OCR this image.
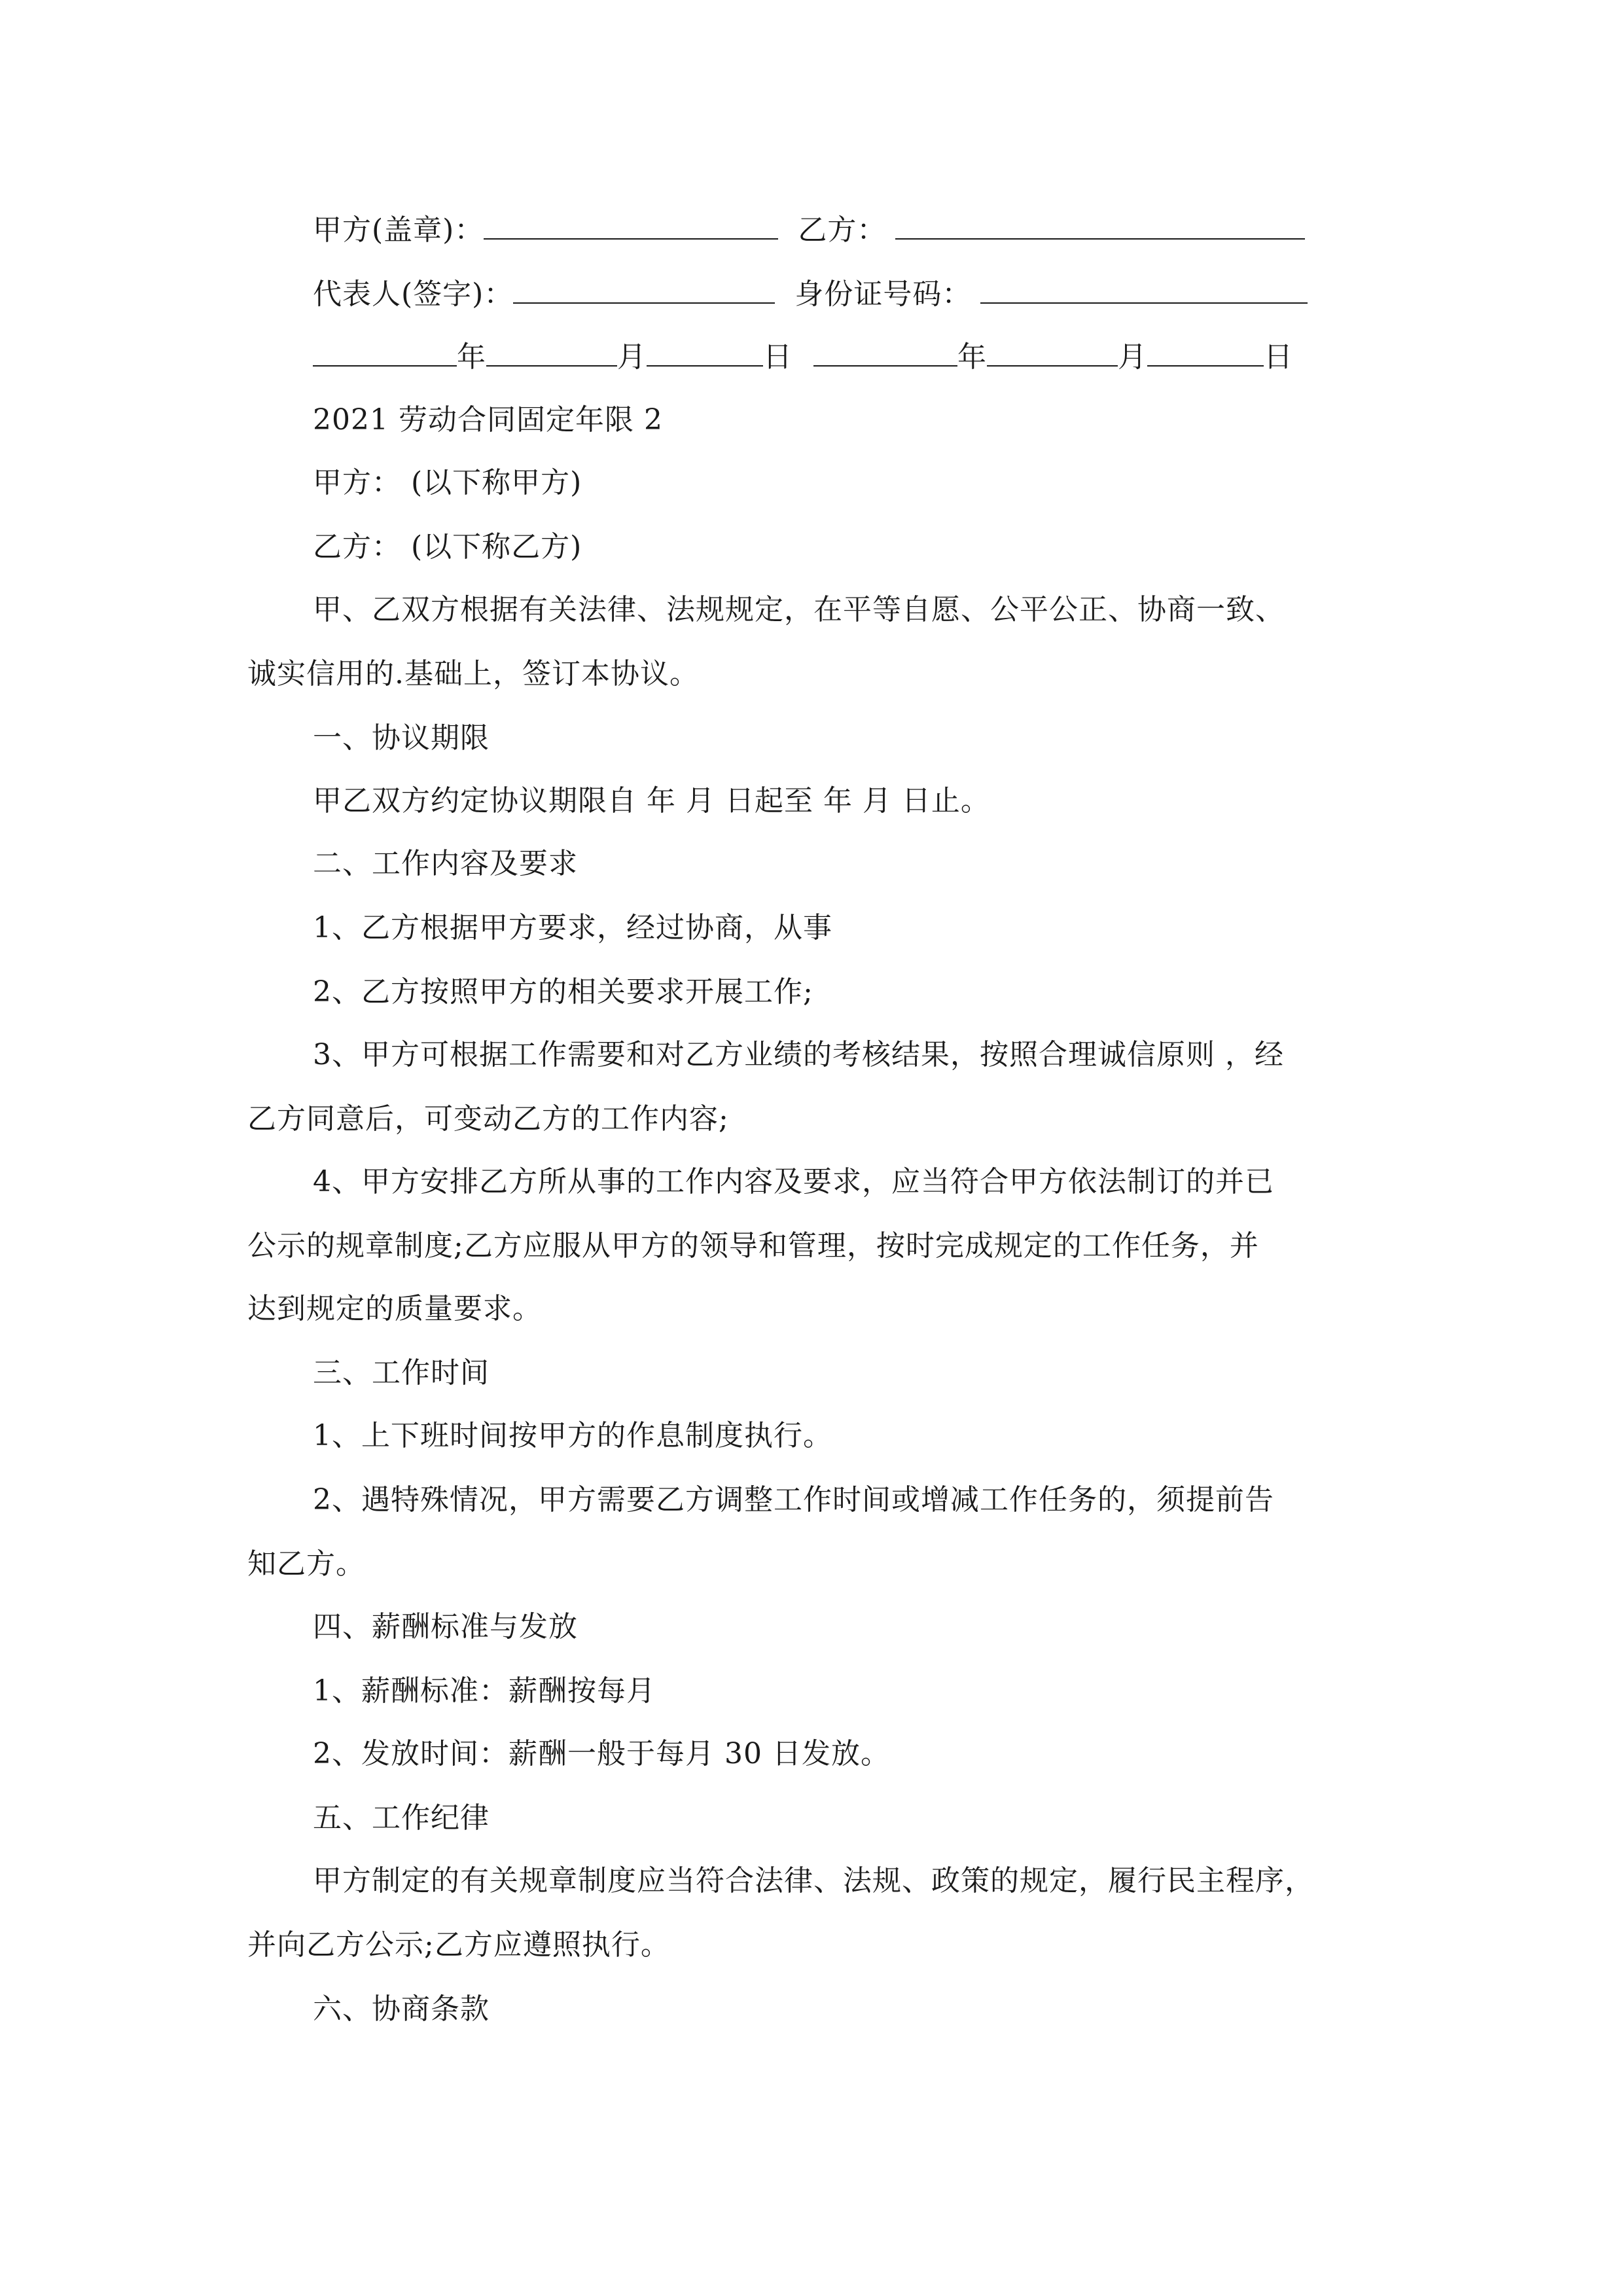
甲方(盖章)：	乙方：
代表人(签字)：	身份证号码：
年	月	日	年	月	日
2021 劳动合同固定年限 2
甲方： (以下称甲方)
乙方： (以下称乙方)
甲、乙双方根据有关法律、法规规定，在平等自愿、公平公正、协商一致、
诚实信用的.基础上，签订本协议。
一、协议期限
甲乙双方约定协议期限自 年 月 日起至 年 月 日止。
二、工作内容及要求
1、乙方根据甲方要求，经过协商，从事
2、乙方按照甲方的相关要求开展工作;
3、甲方可根据工作需要和对乙方业绩的考核结果，按照合理诚信原则 ，经
乙方同意后，可变动乙方的工作内容;
4、甲方安排乙方所从事的工作内容及要求，应当符合甲方依法制订的并已
公示的规章制度;乙方应服从甲方的领导和管理，按时完成规定的工作任务，并
达到规定的质量要求。
三、工作时间
1、上下班时间按甲方的作息制度执行。
2、遇特殊情况，甲方需要乙方调整工作时间或增减工作任务的，须提前告
知乙方。
四、薪酬标准与发放
1、薪酬标准：薪酬按每月
2、发放时间：薪酬一般于每月 30 日发放。
五、工作纪律
甲方制定的有关规章制度应当符合法律、法规、政策的规定，履行民主程序，
并向乙方公示;乙方应遵照执行。
六、协商条款
